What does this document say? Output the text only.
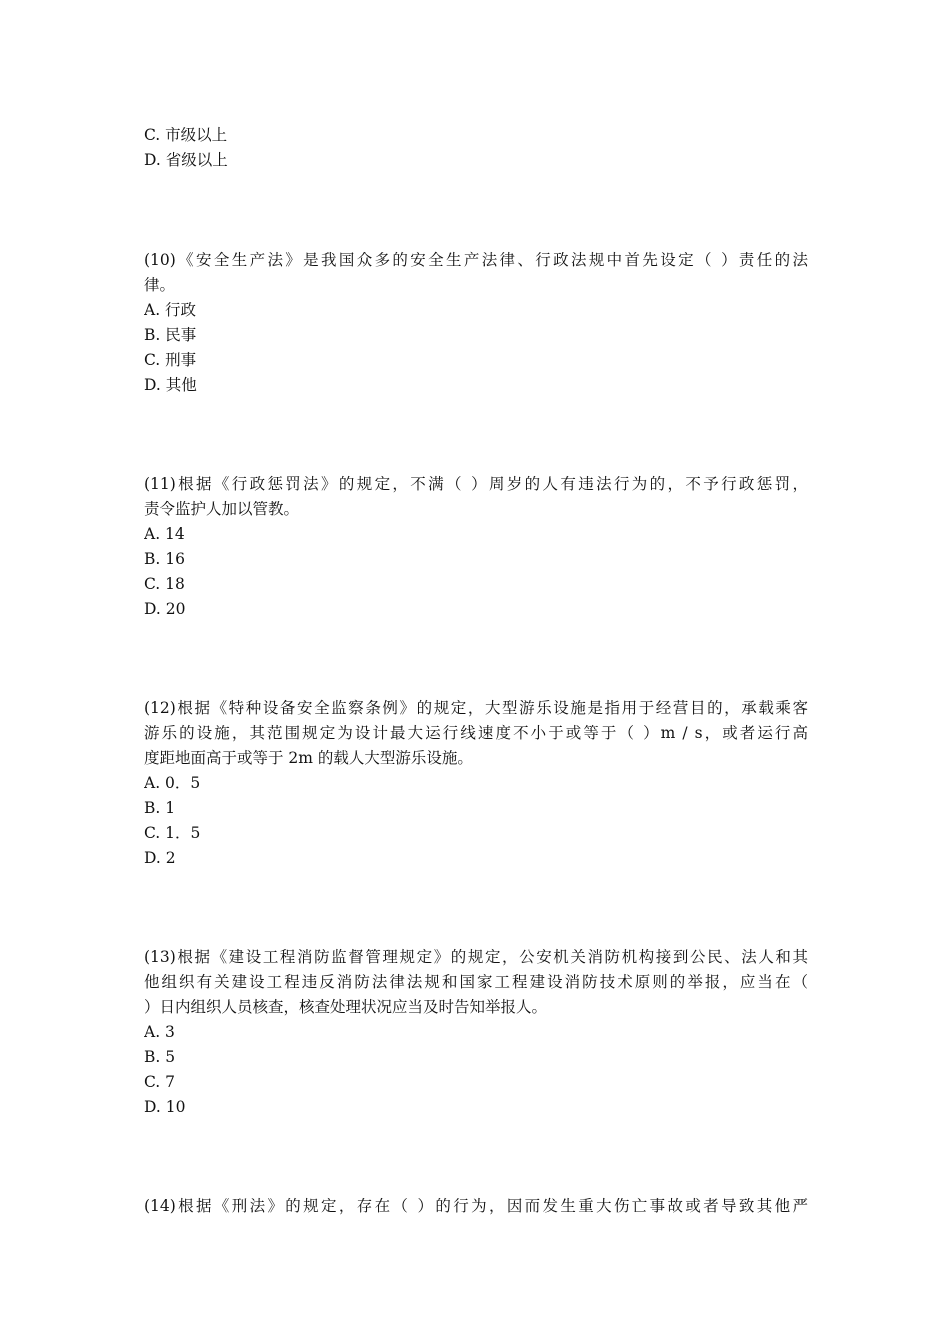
C. 市级以上
D. 省级以上
(10)《安全生产法》是我国众多的安全生产法律、行政法规中首先设定（ ）责任的法
律。
A. 行政
B. 民事
C. 刑事
D. 其他
(11)根据《行政惩罚法》的规定，不满（ ）周岁的人有违法行为的，不予行政惩罚，
责令监护人加以管教。
A. 14
B. 16
C. 18
D. 20
(12)根据《特种设备安全监察条例》的规定，大型游乐设施是指用于经营目的，承载乘客
游乐的设施，其范围规定为设计最大运行线速度不小于或等于（ ）m / s，或者运行高
度距地面高于或等于 2m 的载人大型游乐设施。
A. 0．5
B. 1
C. 1．5
D. 2
(13)根据《建设工程消防监督管理规定》的规定，公安机关消防机构接到公民、法人和其
他组织有关建设工程违反消防法律法规和国家工程建设消防技术原则的举报，应当在（
）日内组织人员核查，核查处理状况应当及时告知举报人。
A. 3
B. 5
C. 7
D. 10
(14)根据《刑法》的规定，存在（ ）的行为，因而发生重大伤亡事故或者导致其他严
